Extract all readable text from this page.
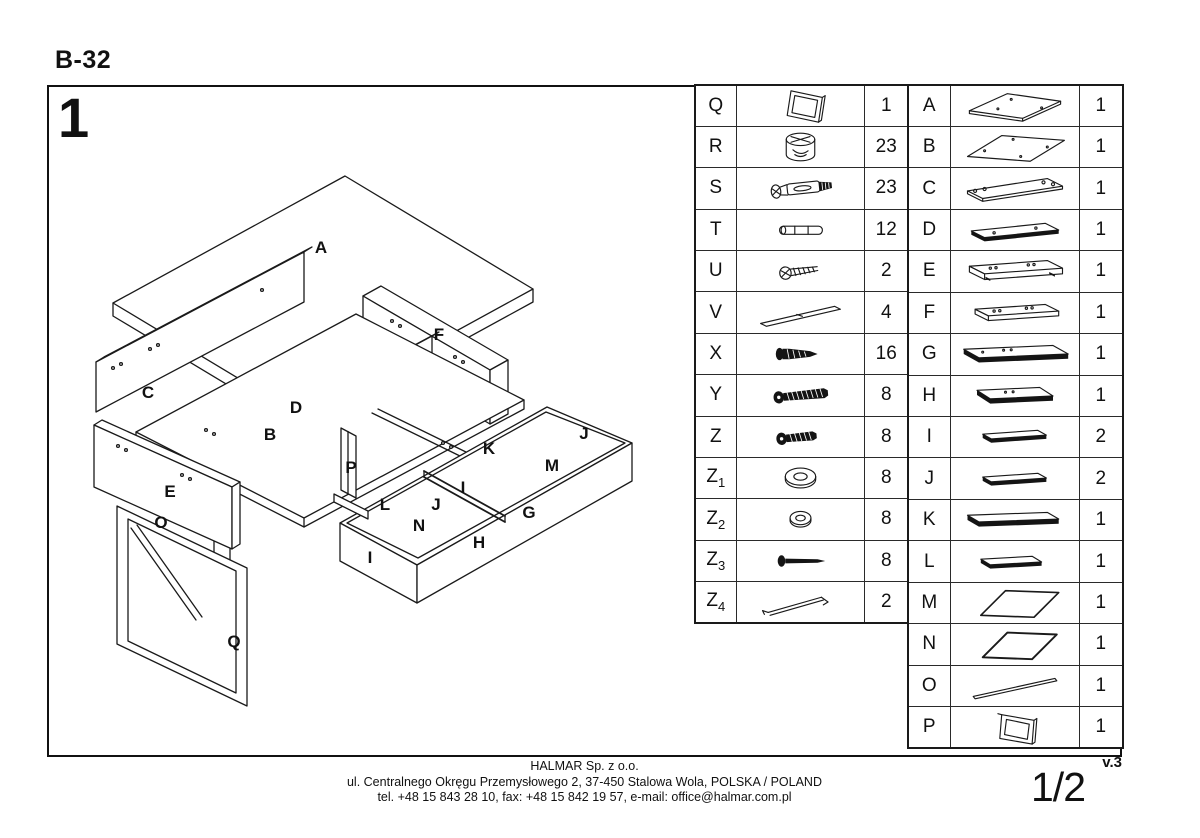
B-32
1
A
F
C
D
B	J
K
M
P
I
E
L J	G
O	N
H
I
Q
Q		1
R		23
S		23
T		12
U		2
V		4
X		16
Y		8
Z		8
$Z_1$		8
$Z_2$		8
$Z_3$		8
$Z_4$		2
A		1
B		1
C		1
D		1
E		1
F		1
G		1
H		1
I		2
J		2
K		1
L		1
M		1
N		1
O		1
P		1
HALMAR Sp. z o.o.
ul. Centralnego Okręgu Przemysłowego 2, 37-450 Stalowa Wola, POLSKA / POLAND
tel. +48 15 843 28 10, fax: +48 15 842 19 57, e-mail: office@halmar.com.pl
v.3
1/2
